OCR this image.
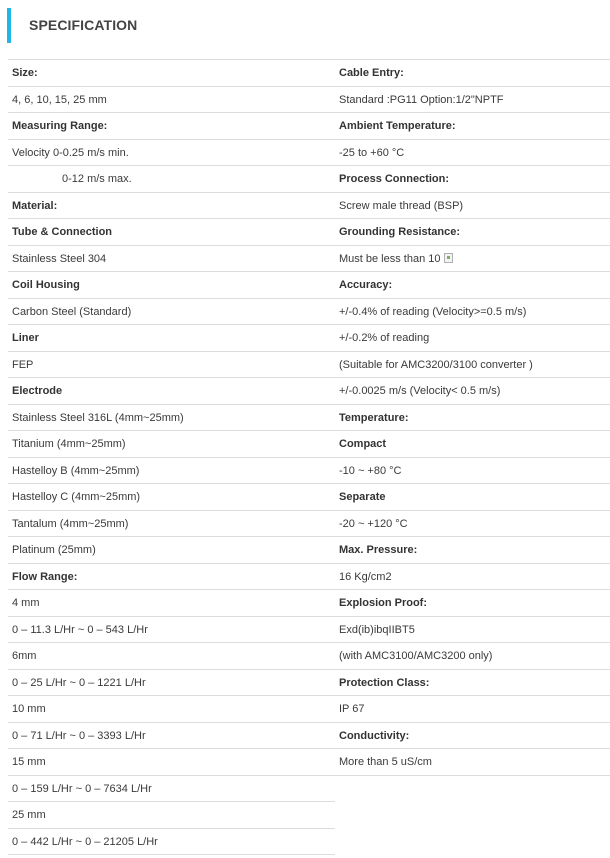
SPECIFICATION
Size:
4, 6, 10, 15, 25 mm
Measuring Range:
Velocity 0-0.25 m/s min.
0-12 m/s max.
Material:
Tube & Connection
Stainless Steel 304
Coil Housing
Carbon Steel (Standard)
Liner
FEP
Electrode
Stainless Steel 316L (4mm~25mm)
Titanium (4mm~25mm)
Hastelloy B (4mm~25mm)
Hastelloy C (4mm~25mm)
Tantalum (4mm~25mm)
Platinum (25mm)
Flow Range:
4 mm
0 – 11.3 L/Hr ~ 0 – 543 L/Hr
6mm
0 – 25 L/Hr ~ 0 – 1221 L/Hr
10 mm
0 – 71 L/Hr ~ 0 – 3393 L/Hr
15 mm
0 – 159 L/Hr ~ 0 – 7634 L/Hr
25 mm
0 – 442 L/Hr ~ 0 – 21205 L/Hr
Cable Entry:
Standard :PG11 Option:1/2"NPTF
Ambient Temperature:
-25 to +60 °C
Process Connection:
Screw male thread (BSP)
Grounding Resistance:
Must be less than 10
Accuracy:
+/-0.4% of reading (Velocity>=0.5 m/s)
+/-0.2% of reading
(Suitable for AMC3200/3100 converter )
+/-0.0025 m/s (Velocity< 0.5 m/s)
Temperature:
Compact
-10 ~ +80 °C
Separate
-20 ~ +120 °C
Max. Pressure:
16 Kg/cm2
Explosion Proof:
Exd(ib)ibqIIBT5
(with AMC3100/AMC3200 only)
Protection Class:
IP 67
Conductivity:
More than 5 uS/cm
